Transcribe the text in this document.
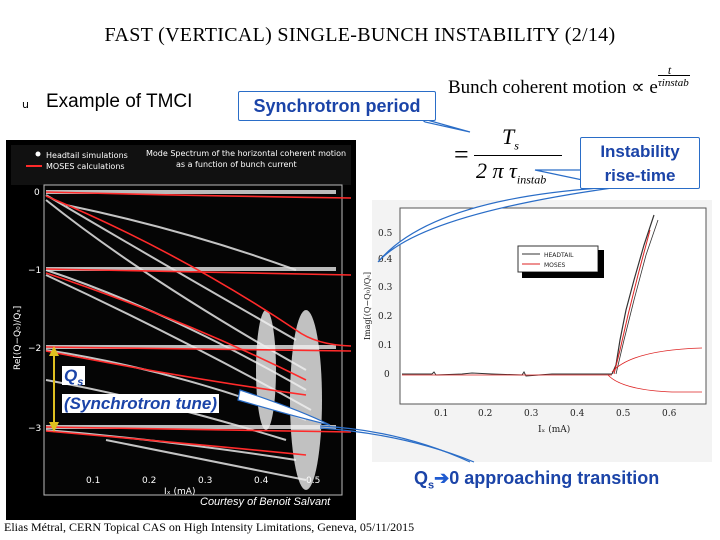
FAST (VERTICAL) SINGLE-BUNCH INSTABILITY (2/14)
u Example of TMCI
Bunch coherent motion ∝ e
t
τinstab
=
$T_s$
2 π $\tau_{instab}$
Headtail simulations
MOSES calculations
Mode Spectrum of the horizontal coherent motion
as a function of bunch current
0
−1
−2
−3
Re[(Q−Q₀)/Qₛ]
0.1	0.2	0.3	0.4	0.5
Iₓ (mA)
HEADTAIL
MOSES
0
0.1
0.2
0.3
0.4
0.5
Imag[(Q−Q₀)/Qₛ]
0.1	0.2	0.3	0.4	0.5	0.6
Iₓ (mA)
Synchrotron period
Instability
rise-time
$Q_s$
(Synchrotron tune)
$Q_s➔0$ approaching transition
Courtesy of Benoit Salvant
Elias Métral, CERN Topical CAS on High Intensity Limitations, Geneva, 05/11/2015
